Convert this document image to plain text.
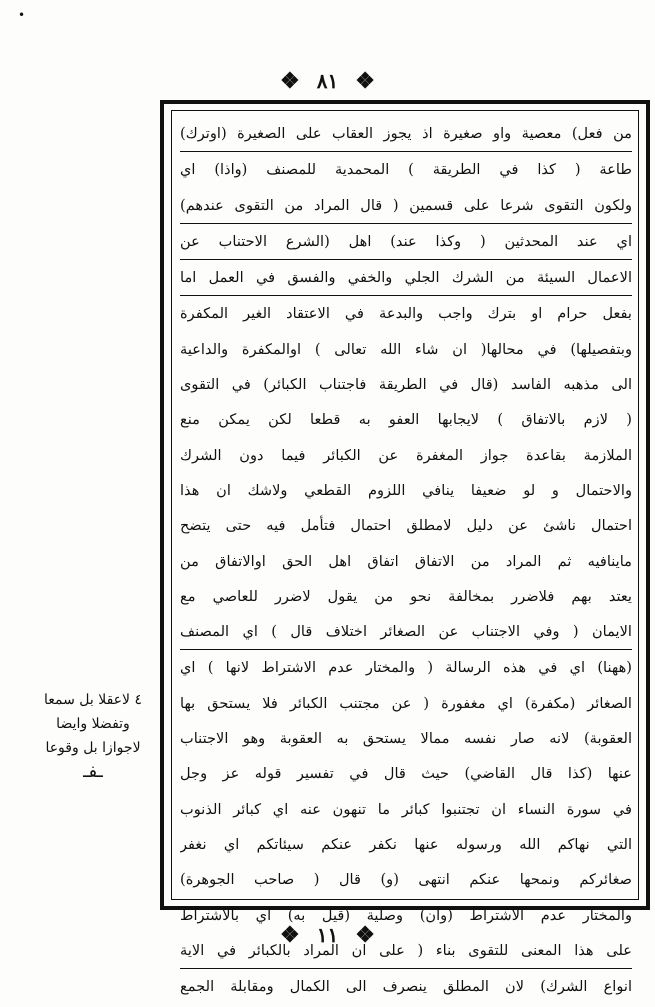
•
❖ ٨١ ❖
من فعل) معصية واو صغيرة اذ يجوز العقاب على الصغيرة (اوترك)
طاعة ( كذا في الطريقة ) المحمدية للمصنف (واذا) اي
ولكون التقوى شرعا على قسمين ( قال المراد من التقوى عندهم)
اي عند المحدثين ( وكذا عند) اهل (الشرع الاحتناب عن
الاعمال السيئة من الشرك الجلي والخفي والفسق في العمل اما
بفعل حرام او بترك واجب والبدعة في الاعتقاد الغير المكفرة
وبتفصيلها) في محالها( ان شاء الله تعالى ) اوالمكفرة والداعية
الى مذهبه الفاسد (قال في الطريقة فاجتناب الكبائر) في التقوى
( لازم بالاتفاق ) لايجابها العفو به قطعا لكن يمكن منع
الملازمة بقاعدة جواز المغفرة عن الكبائر فيما دون الشرك
والاحتمال و لو ضعيفا ينافي اللزوم القطعي ولاشك ان هذا
احتمال ناشئ عن دليل لامطلق احتمال فتأمل فيه حتى يتضح
ماينافيه ثم المراد من الاتفاق اتفاق اهل الحق اوالاتفاق من
يعتد بهم فلاضرر بمخالفة نحو من يقول لاضرر للعاصي مع
الايمان ( وفي الاجتناب عن الصغائر اختلاف قال ) اي المصنف
(ههنا) اي في هذه الرسالة ( والمختار عدم الاشتراط لانها ) اي
الصغائر (مكفرة) اي مغفورة ( عن مجتنب الكبائر فلا يستحق بها
العقوبة) لانه صار نفسه ممالا يستحق به العقوبة وهو الاجتناب
عنها (كذا قال القاضي) حيث قال في تفسير قوله عز وجل
في سورة النساء ان تجتنبوا كبائر ما تنهون عنه اي كبائر الذنوب
التي نهاكم الله ورسوله عنها نكفر عنكم سيئاتكم اي نغفر
صغائركم ونمحها عنكم انتهى (و) قال ( صاحب الجوهرة)
والمختار عدم الاشتراط (وان) وصلية (قيل به) اي بالاشتراط
على هذا المعنى للتقوى بناء ( على ان المراد بالكبائر في الاية
انواع الشرك) لان المطلق ينصرف الى الكمال ومقابلة الجمع
٤ لاعقلا بل سمعا
وتفضلا وايضا
لاجوازا بل وقوعا
ـفـ
❖ ١١ ❖
